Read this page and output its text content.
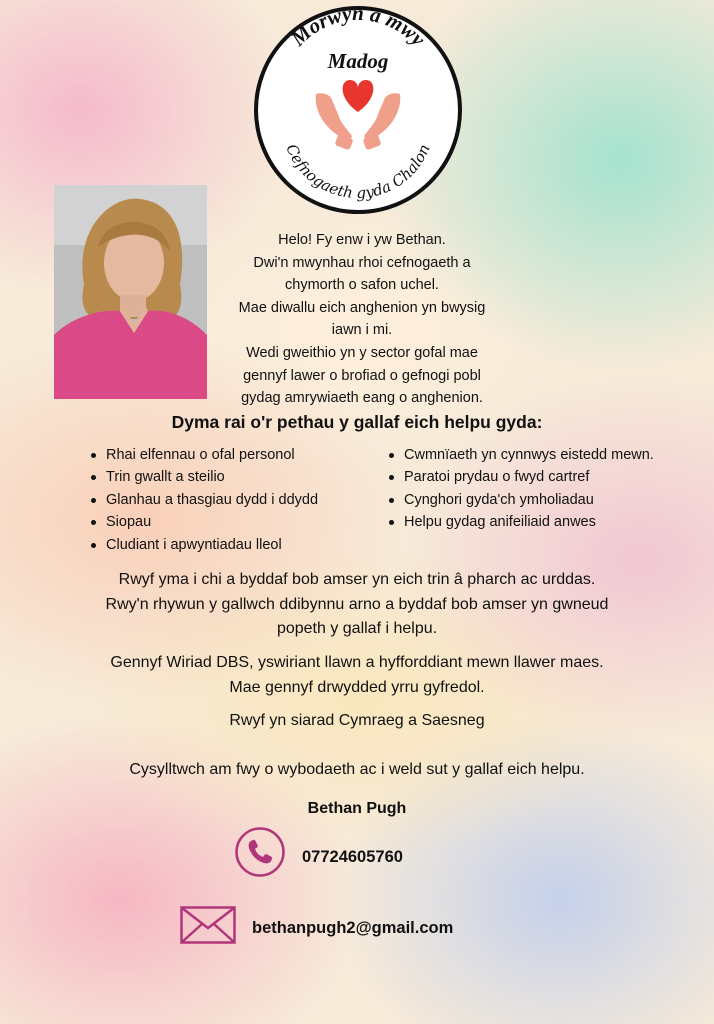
Morwyn a mwy
Madog
Cefnogaeth gyda Chalon
Helo! Fy enw i yw Bethan.
Dwi'n mwynhau rhoi cefnogaeth a
chymorth o safon uchel.
Mae diwallu eich anghenion yn bwysig
iawn i mi.
Wedi gweithio yn y sector gofal mae
gennyf lawer o brofiad o gefnogi pobl
gydag amrywiaeth eang o anghenion.
Dyma rai o'r pethau y gallaf eich helpu gyda:
Rhai elfennau o ofal personol
Trin gwallt a steilio
Glanhau a thasgiau dydd i ddydd
Siopau
Cludiant i apwyntiadau lleol
Cwmnïaeth yn cynnwys eistedd mewn.
Paratoi prydau o fwyd cartref
Cynghori gyda'ch ymholiadau
Helpu gydag anifeiliaid anwes
Rwyf yma i chi a byddaf bob amser yn eich trin â pharch ac urddas.
Rwy'n rhywun y gallwch ddibynnu arno a byddaf bob amser yn gwneud
popeth y gallaf i helpu.
Gennyf Wiriad DBS, yswiriant llawn a hyfforddiant mewn llawer maes.
Mae gennyf drwydded yrru gyfredol.
Rwyf yn siarad Cymraeg a Saesneg
Cysylltwch am fwy o wybodaeth ac i weld sut y gallaf eich helpu.
Bethan Pugh
07724605760
bethanpugh2@gmail.com
